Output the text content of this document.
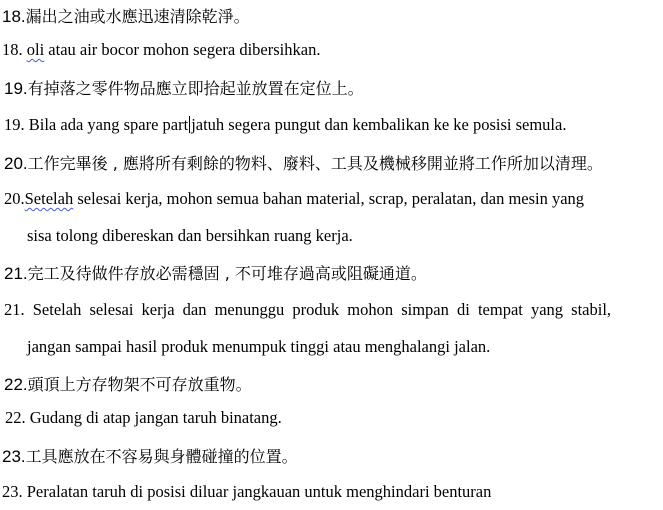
18.漏出之油或水應迅速清除乾淨。
18. oli atau air bocor mohon segera dibersihkan.
19.有掉落之零件物品應立即拾起並放置在定位上。
19. Bila ada yang spare part jatuh segera pungut dan kembalikan ke ke posisi semula.
20.工作完畢後 , 應將所有剩餘的物料、廢料、工具及機械移開並將工作所加以清理。
20.Setelah selesai kerja, mohon semua bahan material, scrap, peralatan, dan mesin yang
sisa tolong dibereskan dan bersihkan ruang kerja.
21.完工及待做件存放必需穩固 , 不可堆存過高或阻礙通道。
21. Setelah selesai kerja dan menunggu produk mohon simpan di tempat yang stabil,
jangan sampai hasil produk menumpuk tinggi atau menghalangi jalan.
22.頭頂上方存物架不可存放重物。
22. Gudang di atap jangan taruh binatang.
23.工具應放在不容易與身體碰撞的位置。
23. Peralatan taruh di posisi diluar jangkauan untuk menghindari benturan
